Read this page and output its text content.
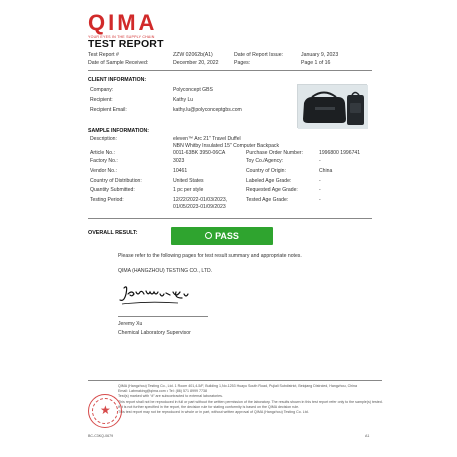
QIMA
YOUR EYES IN THE SUPPLY CHAIN
TEST REPORT
Test Report #	ZZW 02062b(A1)	Date of Report Issue:	January 9, 2023
Date of Sample Received:	December 20, 2022	Pages:	Page 1 of 16
CLIENT INFORMATION:
Company:	Polyconcept GBS
Recipient:	Kathy Lu
Recipient Email:	kathy.lu@polyconceptgbs.com
SAMPLE INFORMATION:
Description:	eleven™ Arc 21" Travel Duffel
NBN Whitby Insulated 15" Computer Backpack
Article No.:	0011-63BK 3950-06CA	Purchase Order Number:	1996800 1996741
Factory No.:	3023	Toy Co./Agency:	-
Vendor No.:	10461	Country of Origin:	China
Country of Distribution:	United States	Labeled Age Grade:	-
Quantity Submitted:	1 pc per style	Requested Age Grade:	-
Testing Period:	12/22/2022-01/03/2023,
01/05/2023-01/09/2023
Tested Age Grade:	-
OVERALL RESULT:	PASS
Please refer to the following pages for test result summary and appropriate notes.
QIMA (HANGZHOU) TESTING CO., LTD.
Jeremy Xu
Chemical Laboratory Supervisor
QIMA (Hangzhou) Testing Co., Ltd. 1 Room 401,4-5/F, Building 1,No.1253 Huayu South Road, Pujiali Subdistrict, Beiqiang Distrcied, Hangzhou, China
Email: Labmaking@qima.com • Tel: (86) 571 8999 7738
Test(s) marked with “#” are subcontracted to external laboratories.
This report shall not be reproduced in full or part without the written permission of the laboratory. The results shown in this test report refer only to the sample(s) tested.
If it is not further specified in the report, the decision rule for stating conformity is based on the QIMA decision rule.
This test report may not be reproduced in whole or in part, without written approval of QIMA (Hangzhou) Testing Co. Ltd.
★
BC-C3KQ-0679	A1
